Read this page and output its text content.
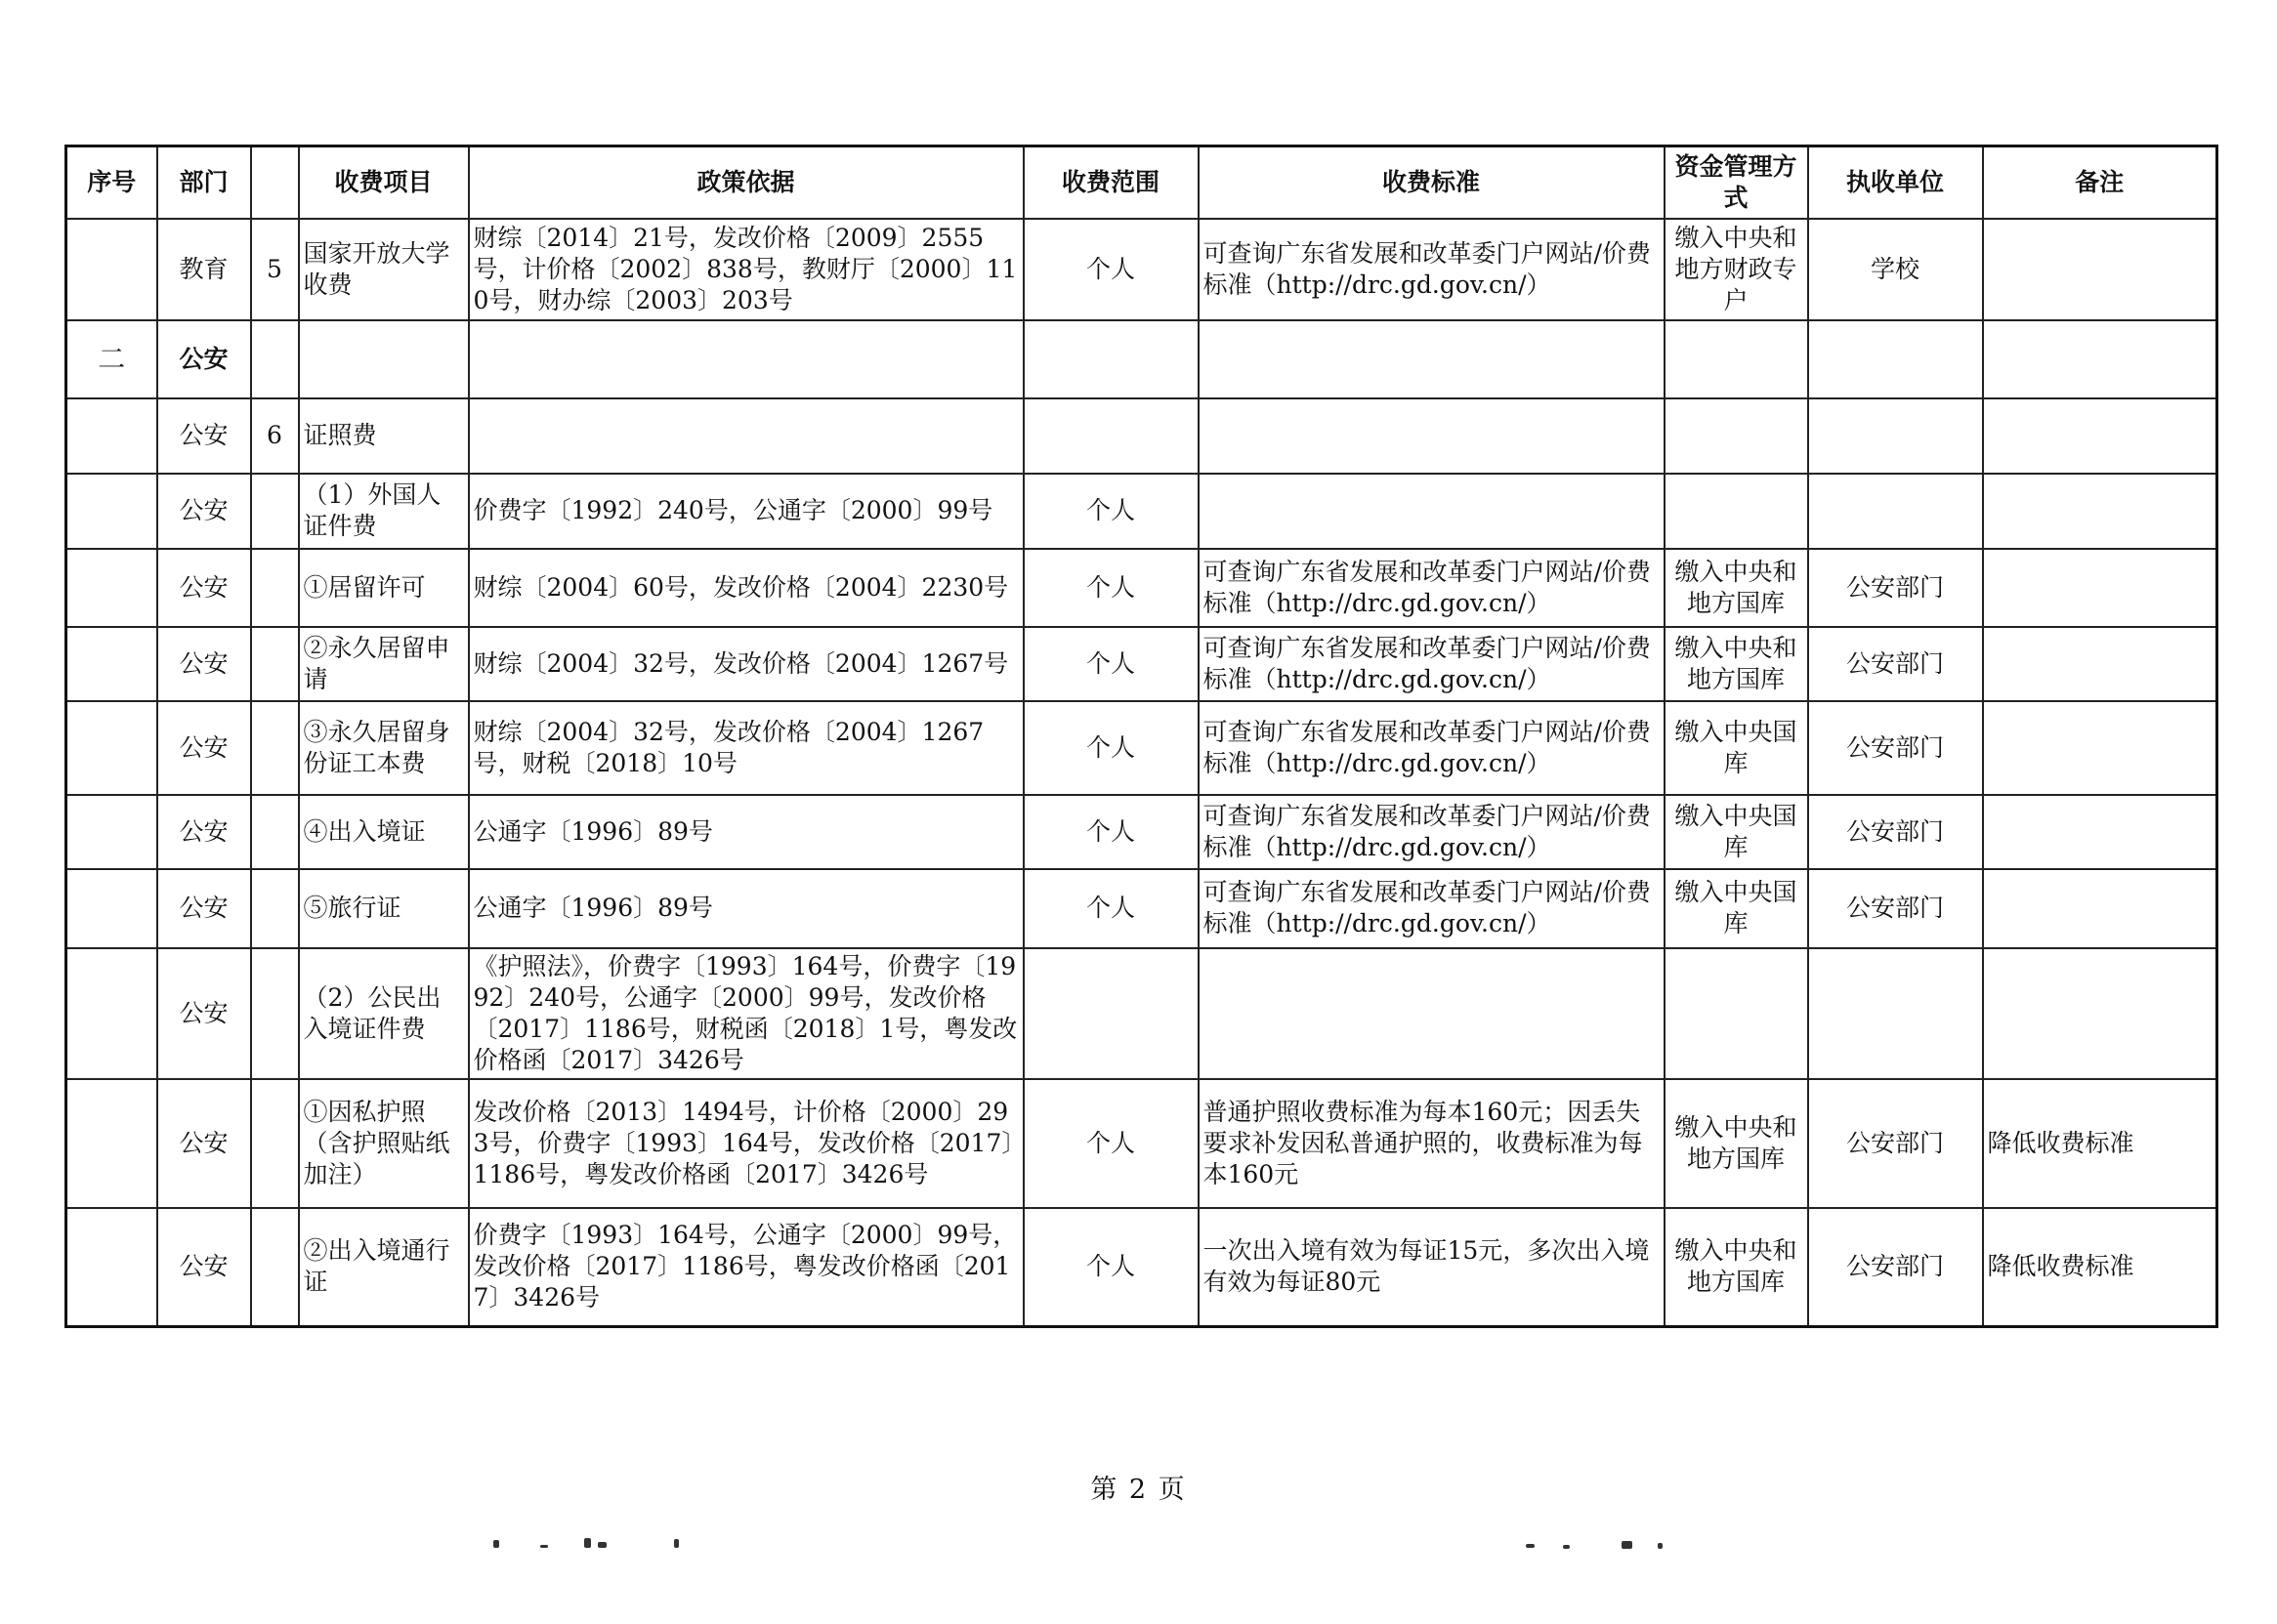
序号	部门		收费项目	政策依据	收费范围	收费标准	资金管理方式	执收单位	备注
	教育	5	国家开放大学收费	财综〔2014〕21号，发改价格〔2009〕2555号，计价格〔2002〕838号，教财厅〔2000〕110号，财办综〔2003〕203号	个人	可查询广东省发展和改革委门户网站/价费标准（http://drc.gd.gov.cn/）	缴入中央和地方财政专户	学校	
二	公安								
	公安	6	证照费						
	公安		（1）外国人证件费	价费字〔1992〕240号，公通字〔2000〕99号	个人				
	公安		①居留许可	财综〔2004〕60号，发改价格〔2004〕2230号	个人	可查询广东省发展和改革委门户网站/价费标准（http://drc.gd.gov.cn/）	缴入中央和地方国库	公安部门	
	公安		②永久居留申请	财综〔2004〕32号，发改价格〔2004〕1267号	个人	可查询广东省发展和改革委门户网站/价费标准（http://drc.gd.gov.cn/）	缴入中央和地方国库	公安部门	
	公安		③永久居留身份证工本费	财综〔2004〕32号，发改价格〔2004〕1267号，财税〔2018〕10号	个人	可查询广东省发展和改革委门户网站/价费标准（http://drc.gd.gov.cn/）	缴入中央国库	公安部门	
	公安		④出入境证	公通字〔1996〕89号	个人	可查询广东省发展和改革委门户网站/价费标准（http://drc.gd.gov.cn/）	缴入中央国库	公安部门	
	公安		⑤旅行证	公通字〔1996〕89号	个人	可查询广东省发展和改革委门户网站/价费标准（http://drc.gd.gov.cn/）	缴入中央国库	公安部门	
	公安		（2）公民出入境证件费	《护照法》，价费字〔1993〕164号，价费字〔1992〕240号，公通字〔2000〕99号，发改价格〔2017〕1186号，财税函〔2018〕1号，粤发改价格函〔2017〕3426号					
	公安		①因私护照（含护照贴纸加注）	发改价格〔2013〕1494号，计价格〔2000〕293号，价费字〔1993〕164号，发改价格〔2017〕1186号，粤发改价格函〔2017〕3426号	个人	普通护照收费标准为每本160元；因丢失要求补发因私普通护照的，收费标准为每本160元	缴入中央和地方国库	公安部门	降低收费标准
	公安		②出入境通行证	价费字〔1993〕164号，公通字〔2000〕99号，发改价格〔2017〕1186号，粤发改价格函〔2017〕3426号	个人	一次出入境有效为每证15元，多次出入境有效为每证80元	缴入中央和地方国库	公安部门	降低收费标准
第 2 页
